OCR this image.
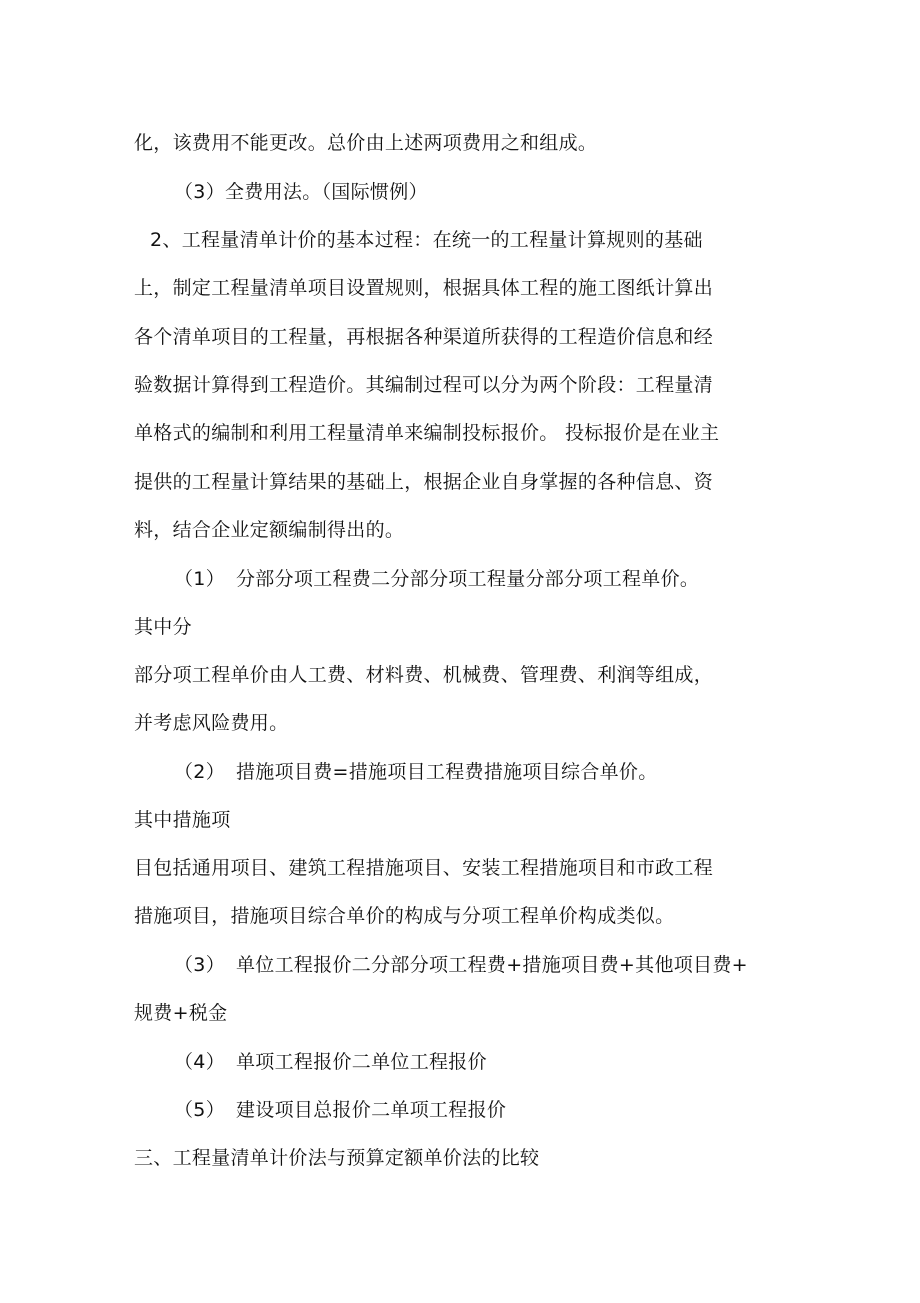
化，该费用不能更改。总价由上述两项费用之和组成。
（3）全费用法。（国际惯例）
2、工程量清单计价的基本过程：在统一的工程量计算规则的基础
上，制定工程量清单项目设置规则，根据具体工程的施工图纸计算出
各个清单项目的工程量，再根据各种渠道所获得的工程造价信息和经
验数据计算得到工程造价。其编制过程可以分为两个阶段：工程量清
单格式的编制和利用工程量清单来编制投标报价。 投标报价是在业主
提供的工程量计算结果的基础上，根据企业自身掌握的各种信息、资
料，结合企业定额编制得出的。
（1） 分部分项工程费二分部分项工程量分部分项工程单价。
其中分
部分项工程单价由人工费、材料费、机械费、管理费、利润等组成，
并考虑风险费用。
（2） 措施项目费=措施项目工程费措施项目综合单价。
其中措施项
目包括通用项目、建筑工程措施项目、安装工程措施项目和市政工程
措施项目，措施项目综合单价的构成与分项工程单价构成类似。
（3） 单位工程报价二分部分项工程费+措施项目费+其他项目费+
规费+税金
（4） 单项工程报价二单位工程报价
（5） 建设项目总报价二单项工程报价
三、工程量清单计价法与预算定额单价法的比较
